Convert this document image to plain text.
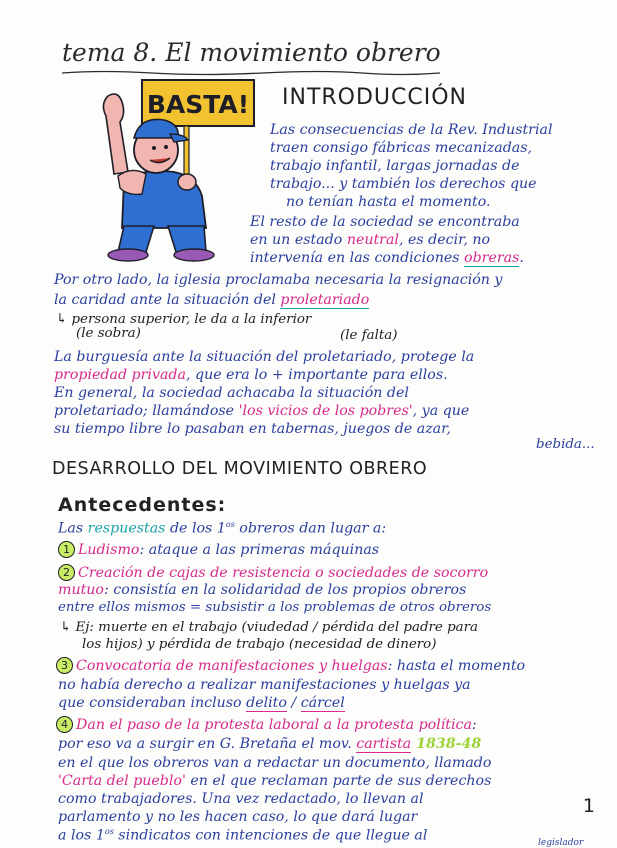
tema 8. El movimiento obrero
BASTA! INTRODUCCIÓN
Las consecuencias de la Rev. Industrial
traen consigo fábricas mecanizadas,
trabajo infantil, largas jornadas de
trabajo... y también los derechos que
no tenían hasta el momento.
El resto de la sociedad se encontraba
en un estado neutral, es decir, no
intervenía en las condiciones obreras.
Por otro lado, la iglesia proclamaba necesaria la resignación y
la caridad ante la situación del proletariado
↳ persona superior, le da a la inferior
(le sobra)	(le falta)
La burguesía ante la situación del proletariado, protege la
propiedad privada, que era lo + importante para ellos.
En general, la sociedad achacaba la situación del
proletariado; llamándose 'los vicios de los pobres', ya que
su tiempo libre lo pasaban en tabernas, juegos de azar,
bebida...
DESARROLLO DEL MOVIMIENTO OBRERO
Antecedentes:
Las respuestas de los $1^{os}$ obreros dan lugar a:
1 Ludismo: ataque a las primeras máquinas
2 Creación de cajas de resistencia o sociedades de socorro
mutuo: consistía en la solidaridad de los propios obreros
entre ellos mismos = subsistir a los problemas de otros obreros
↳ Ej: muerte en el trabajo (viudedad / pérdida del padre para
los hijos) y pérdida de trabajo (necesidad de dinero)
3 Convocatoria de manifestaciones y huelgas: hasta el momento
no había derecho a realizar manifestaciones y huelgas ya
que consideraban incluso delito / cárcel
4 Dan el paso de la protesta laboral a la protesta política:
por eso va a surgir en G. Bretaña el mov. cartista 1838-48
en el que los obreros van a redactar un documento, llamado
'Carta del pueblo' en el que reclaman parte de sus derechos
como trabajadores. Una vez redactado, lo llevan al
parlamento y no les hacen caso, lo que dará lugar
a los $1^{os}$ sindicatos con intenciones de que llegue al	legislador
1
